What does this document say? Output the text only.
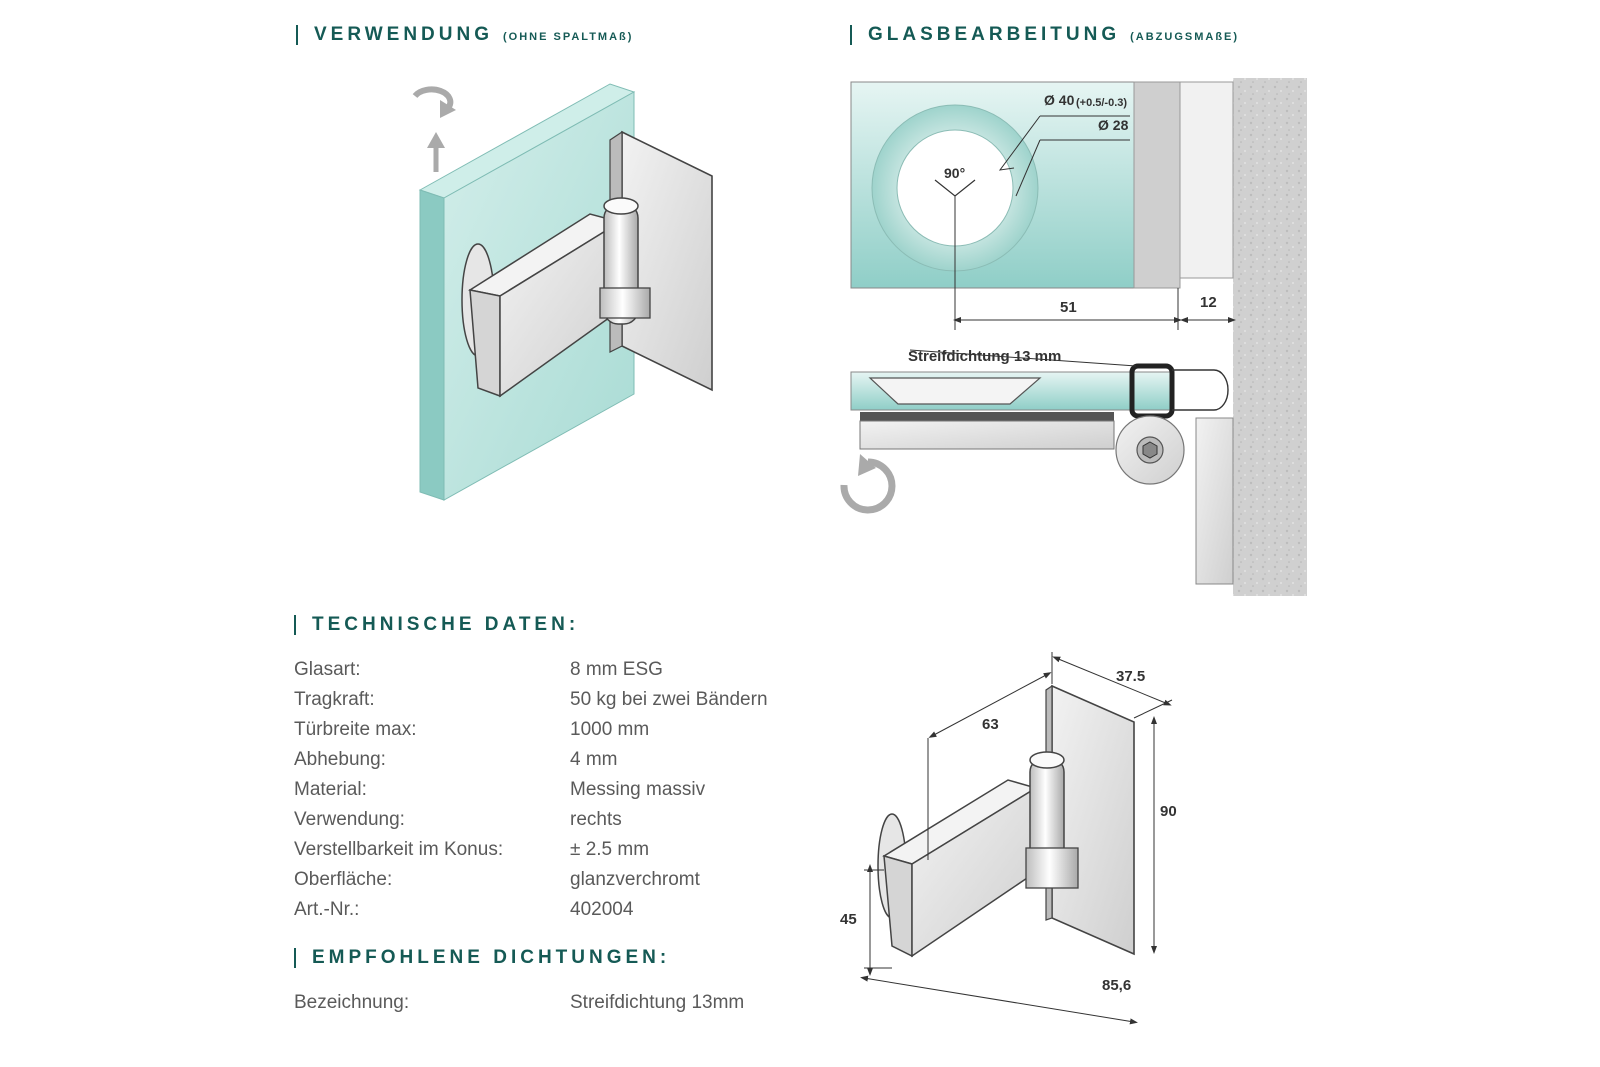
Ø 40 (+0.5/-0.3)
Ø 28
90°
51	12
Streifdichtung 13 mm
37.5
63
90
45
85,6
VERWENDUNG (OHNE SPALTMAß)	GLASBEARBEITUNG (ABZUGSMAßE)
TECHNISCHE DATEN:
EMPFOHLENE DICHTUNGEN:
Glasart:	8 mm ESG
Tragkraft:	50 kg bei zwei Bändern
Türbreite max:	1000 mm
Abhebung:	4 mm
Material:	Messing massiv
Verwendung:	rechts
Verstellbarkeit im Konus:	± 2.5 mm
Oberfläche:	glanzverchromt
Art.-Nr.:	402004
Bezeichnung:	Streifdichtung 13mm
